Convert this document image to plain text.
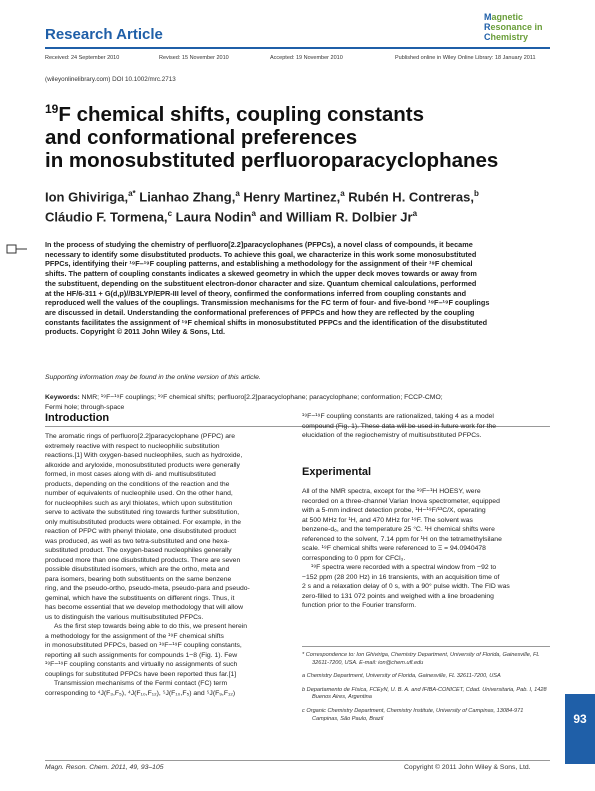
Research Article
Magnetic
Resonance in
Chemistry
Received: 24 September 2010	Revised: 15 November 2010	Accepted: 19 November 2010	Published online in Wiley Online Library: 18 January 2011
(wileyonlinelibrary.com) DOI 10.1002/mrc.2713
$^{19}$F chemical shifts, coupling constants
and conformational preferences
in monosubstituted perfluoroparacyclophanes
Ion Ghiviriga,$^{a*}$ Lianhao Zhang,$^a$ Henry Martinez,$^a$ Rubén H. Contreras,$^b$
Cláudio F. Tormena,$^c$ Laura Nodin$^a$ and William R. Dolbier Jr$^a$
In the process of studying the chemistry of perfluoro[2.2]paracyclophanes (PFPCs), a novel class of compounds, it became
necessary to identify some disubstituted products. To achieve this goal, we characterize in this work some monosubstituted
PFPCs, identifying their ¹⁹F–¹⁹F coupling patterns, and establishing a methodology for the assignment of their ¹⁹F chemical
shifts. The pattern of coupling constants indicates a skewed geometry in which the upper deck moves towards or away from
the substituent, depending on the substituent electron-donor character and size. Quantum chemical calculations, performed
at the HF/6-311 + G(d,p)//B3LYP/EPR-III level of theory, confirmed the conformations inferred from coupling constants and
reproduced well the values of the couplings. Transmission mechanisms for the FC term of four- and five-bond ¹⁹F–¹⁹F couplings
are discussed in detail. Understanding the conformational preferences of PFPCs and how they are reflected by the coupling
constants facilitates the assignment of ¹⁹F chemical shifts in monosubstituted PFPCs and the identification of the disubstituted
products. Copyright © 2011 John Wiley & Sons, Ltd.
Supporting information may be found in the online version of this article.
Keywords: NMR; ¹⁹F−¹⁹F couplings; ¹⁹F chemical shifts; perfluoro[2.2]paracyclophane; paracyclophane; conformation; FCCP-CMO;
Fermi hole; through-space
Introduction
The aromatic rings of perfluoro[2.2]paracyclophane (PFPC) are
extremely reactive with respect to nucleophilic substitution
reactions.[1] With oxygen-based nucleophiles, such as hydroxide,
alkoxide and aryloxide, monosubstituted products were generally
formed, in most cases along with di- and multisubstituted
products, depending on the conditions of the reaction and the
number of equivalents of nucleophile used. On the other hand,
for nucleophiles such as aryl thiolates, which upon substitution
serve to activate the substituted ring towards further substitution,
only multisubstituted products were obtained. For example, in the
reaction of PFPC with phenyl thiolate, one disubstituted product
was produced, as well as two tetra-substituted and one hexa-
substituted product. The oxygen-based nucleophiles generally
produced more than one disubstituted products. There are seven
possible disubstituted isomers, which are the ortho, meta and
para isomers, bearing both substituents on the same benzene
ring, and the pseudo-ortho, pseudo-meta, pseudo-para and pseudo-
geminal, which have the substituents on different rings. Thus, it
has become essential that we develop methodology that will allow
us to distinguish the various multisubstituted PFPCs.
As the first step towards being able to do this, we present herein
a methodology for the assignment of the ¹⁹F chemical shifts
in monosubstituted PFPCs, based on ¹⁹F−¹⁹F coupling constants,
reporting all such assignments for compounds 1−8 (Fig. 1). Few
¹⁹F−¹⁹F coupling constants and virtually no assignments of such
couplings for substituted PFPCs have been reported thus far.[1]
Transmission mechanisms of the Fermi contact (FC) term
corresponding to ⁴J(F₃,F₅), ⁴J(F₁₀,F₁₂), ⁵J(F₁₀,F₅) and ⁵J(F₉,F₁₂)
¹⁹F−¹⁹F coupling constants are rationalized, taking 4 as a model
compound (Fig. 1). These data will be used in future work for the
elucidation of the regiochemistry of multisubstituted PFPCs.
Experimental
All of the NMR spectra, except for the ¹⁹F−¹H HOESY, were
recorded on a three-channel Varian Inova spectrometer, equipped
with a 5-mm indirect detection probe, ¹H−¹⁹F/¹³C/X, operating
at 500 MHz for ¹H, and 470 MHz for ¹⁹F. The solvent was
benzene-d₆, and the temperature 25 °C. ¹H chemical shifts were
referenced to the solvent, 7.14 ppm for ¹H on the tetramethylsilane
scale. ¹⁹F chemical shifts were referenced to Ξ = 94.0940478
corresponding to 0 ppm for CFCl₃.
¹⁹F spectra were recorded with a spectral window from −92 to
−152 ppm (28 200 Hz) in 16 transients, with an acquisition time of
2 s and a relaxation delay of 0 s, with a 90° pulse width. The FID was
zero-filled to 131 072 points and weighed with a line broadening
function prior to the Fourier transform.

* Correspondence to: Ion Ghiviriga, Chemistry Department, University of Florida, Gainesville, FL 32611-7200, USA. E-mail: ion@chem.ufl.edu

a Chemistry Department, University of Florida, Gainesville, FL 32611-7200, USA

b Departamento de Física, FCEyN, U. B. A. and IFIBA-CONICET, Cdad. Universitaria, Pab. I, 1428 Buenos Aires, Argentina

c Organic Chemistry Department, Chemistry Institute, University of Campinas, 13084-971 Campinas, São Paulo, Brazil

Magn. Reson. Chem. 2011, 49, 93–105	Copyright © 2011 John Wiley & Sons, Ltd.
93
